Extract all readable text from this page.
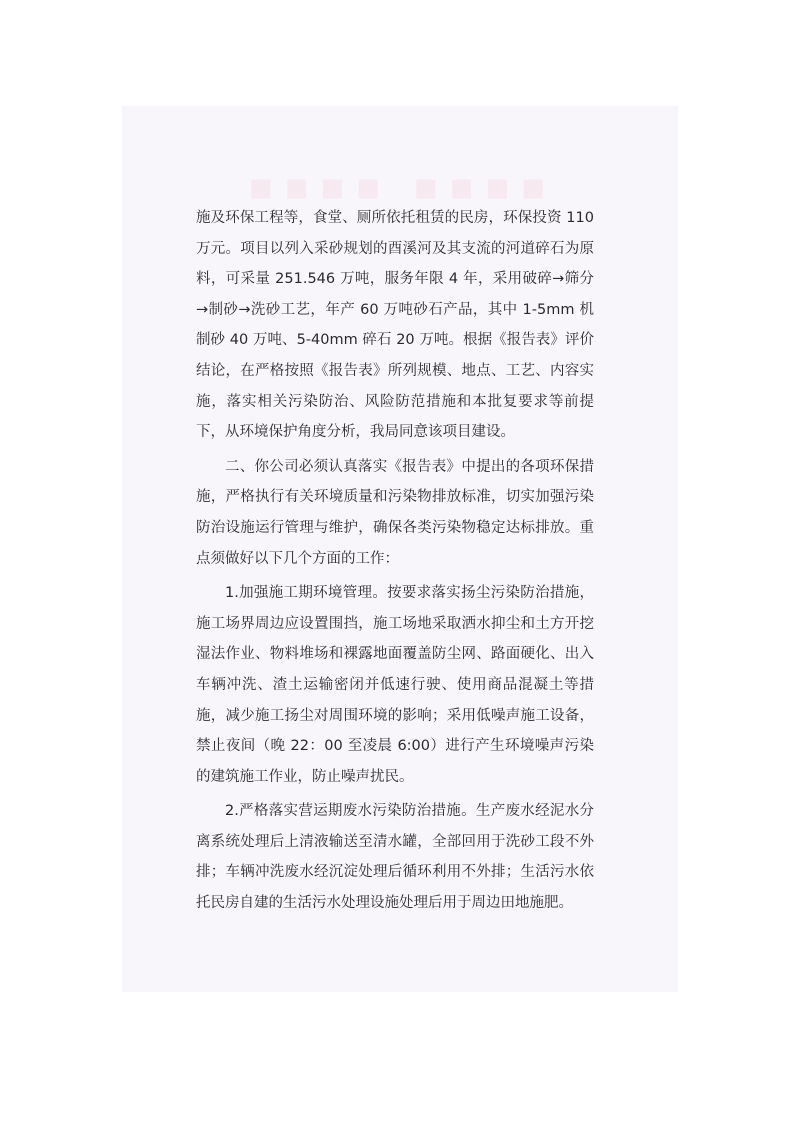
▪▪▪▪ ▪▪▪▪

施及环保工程等，食堂、厕所依托租赁的民房，环保投资 110 万元。项目以列入采砂规划的酉溪河及其支流的河道碎石为原料，可采量 251.546 万吨，服务年限 4 年，采用破碎→筛分→制砂→洗砂工艺，年产 60 万吨砂石产品，其中 1-5mm 机制砂 40 万吨、5-40mm 碎石 20 万吨。根据《报告表》评价结论，在严格按照《报告表》所列规模、地点、工艺、内容实施，落实相关污染防治、风险防范措施和本批复要求等前提下，从环境保护角度分析，我局同意该项目建设。

二、你公司必须认真落实《报告表》中提出的各项环保措施，严格执行有关环境质量和污染物排放标准，切实加强污染防治设施运行管理与维护，确保各类污染物稳定达标排放。重点须做好以下几个方面的工作：

1.加强施工期环境管理。按要求落实扬尘污染防治措施，施工场界周边应设置围挡，施工场地采取洒水抑尘和土方开挖湿法作业、物料堆场和裸露地面覆盖防尘网、路面硬化、出入车辆冲洗、渣土运输密闭并低速行驶、使用商品混凝土等措施，减少施工扬尘对周围环境的影响；采用低噪声施工设备，禁止夜间（晚 22：00 至凌晨 6:00）进行产生环境噪声污染的建筑施工作业，防止噪声扰民。

2.严格落实营运期废水污染防治措施。生产废水经泥水分离系统处理后上清液输送至清水罐，全部回用于洗砂工段不外排；车辆冲洗废水经沉淀处理后循环利用不外排；生活污水依托民房自建的生活污水处理设施处理后用于周边田地施肥。
